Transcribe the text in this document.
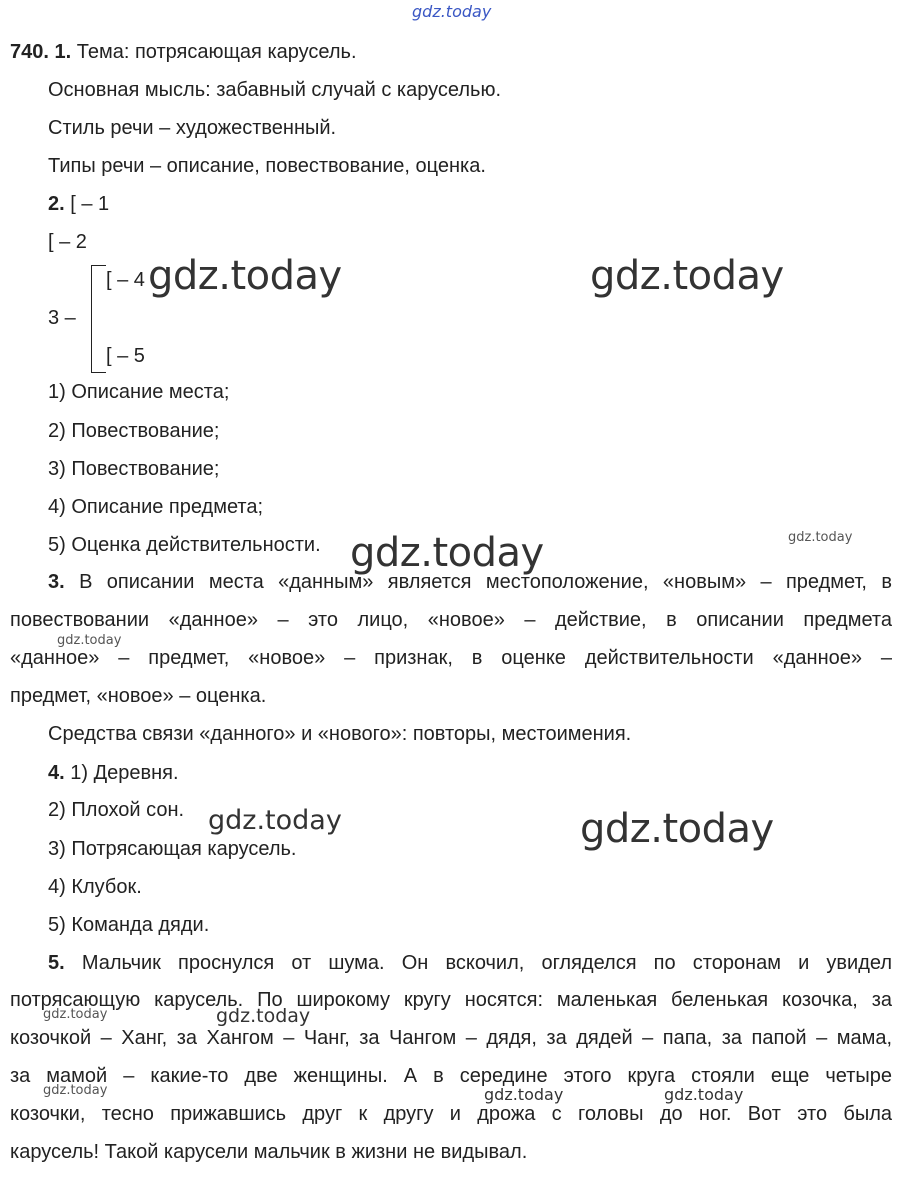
gdz.today
740. 1. Тема: потрясающая карусель.
Основная мысль: забавный случай с каруселью.
Стиль речи – художественный.
Типы речи – описание, повествование, оценка.
2. [ – 1
[ – 2
3 –
[ – 4
[ – 5
1) Описание места;
2) Повествование;
3) Повествование;
4) Описание предмета;
5) Оценка действительности.
3. В описании места «данным» является местоположение, «новым» – предмет, в
повествовании «данное» – это лицо, «новое» – действие, в описании предмета
«данное» – предмет, «новое» – признак, в оценке действительности «данное» –
предмет, «новое» – оценка.
Средства связи «данного» и «нового»: повторы, местоимения.
4. 1) Деревня.
2) Плохой сон.
3) Потрясающая карусель.
4) Клубок.
5) Команда дяди.
5. Мальчик проснулся от шума. Он вскочил, огляделся по сторонам и увидел
потрясающую карусель. По широкому кругу носятся: маленькая беленькая козочка, за
козочкой – Ханг, за Хангом – Чанг, за Чангом – дядя, за дядей – папа, за папой – мама,
за мамой – какие-то две женщины. А в середине этого круга стояли еще четыре
козочки, тесно прижавшись друг к другу и дрожа с головы до ног. Вот это была
карусель! Такой карусели мальчик в жизни не видывал.
gdz.today	gdz.today
gdz.today
gdz.today
gdz.today
gdz.today
gdz.today
gdz.today	gdz.today
gdz.today	gdz.today	gdz.today
